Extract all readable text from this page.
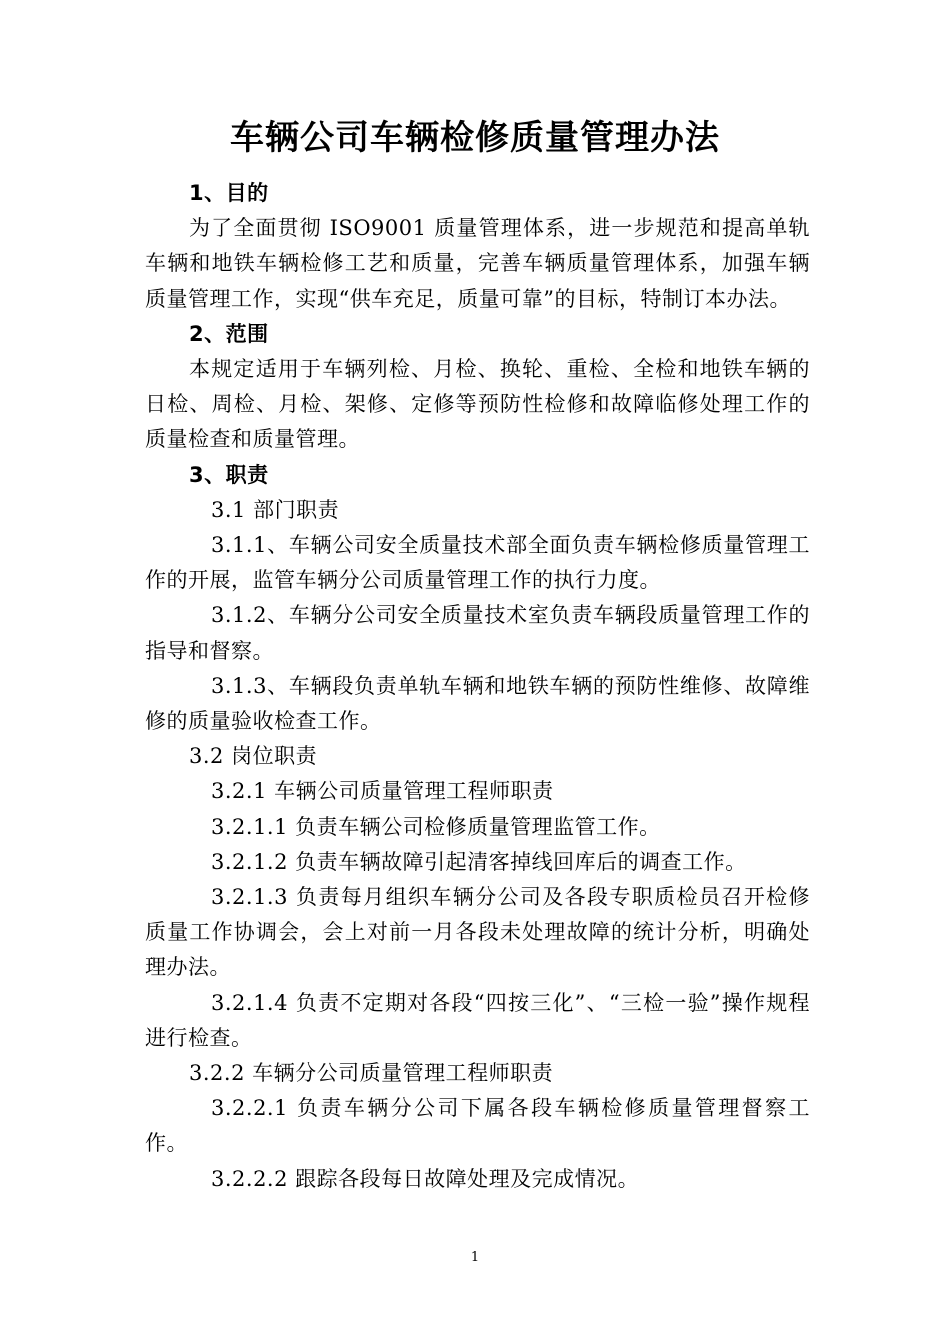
车辆公司车辆检修质量管理办法

1、目的

为了全面贯彻 ISO9001 质量管理体系，进一步规范和提高单轨车辆和地铁车辆检修工艺和质量，完善车辆质量管理体系，加强车辆质量管理工作，实现“供车充足，质量可靠”的目标，特制订本办法。

2、范围

本规定适用于车辆列检、月检、换轮、重检、全检和地铁车辆的日检、周检、月检、架修、定修等预防性检修和故障临修处理工作的质量检查和质量管理。

3、职责

3.1 部门职责

3.1.1、车辆公司安全质量技术部全面负责车辆检修质量管理工作的开展，监管车辆分公司质量管理工作的执行力度。

3.1.2、车辆分公司安全质量技术室负责车辆段质量管理工作的指导和督察。

3.1.3、车辆段负责单轨车辆和地铁车辆的预防性维修、故障维修的质量验收检查工作。

3.2 岗位职责

3.2.1 车辆公司质量管理工程师职责

3.2.1.1 负责车辆公司检修质量管理监管工作。

3.2.1.2 负责车辆故障引起清客掉线回库后的调查工作。

3.2.1.3 负责每月组织车辆分公司及各段专职质检员召开检修质量工作协调会，会上对前一月各段未处理故障的统计分析，明确处理办法。

3.2.1.4 负责不定期对各段“四按三化”、“三检一验”操作规程进行检查。

3.2.2 车辆分公司质量管理工程师职责

3.2.2.1 负责车辆分公司下属各段车辆检修质量管理督察工作。

3.2.2.2 跟踪各段每日故障处理及完成情况。

1
